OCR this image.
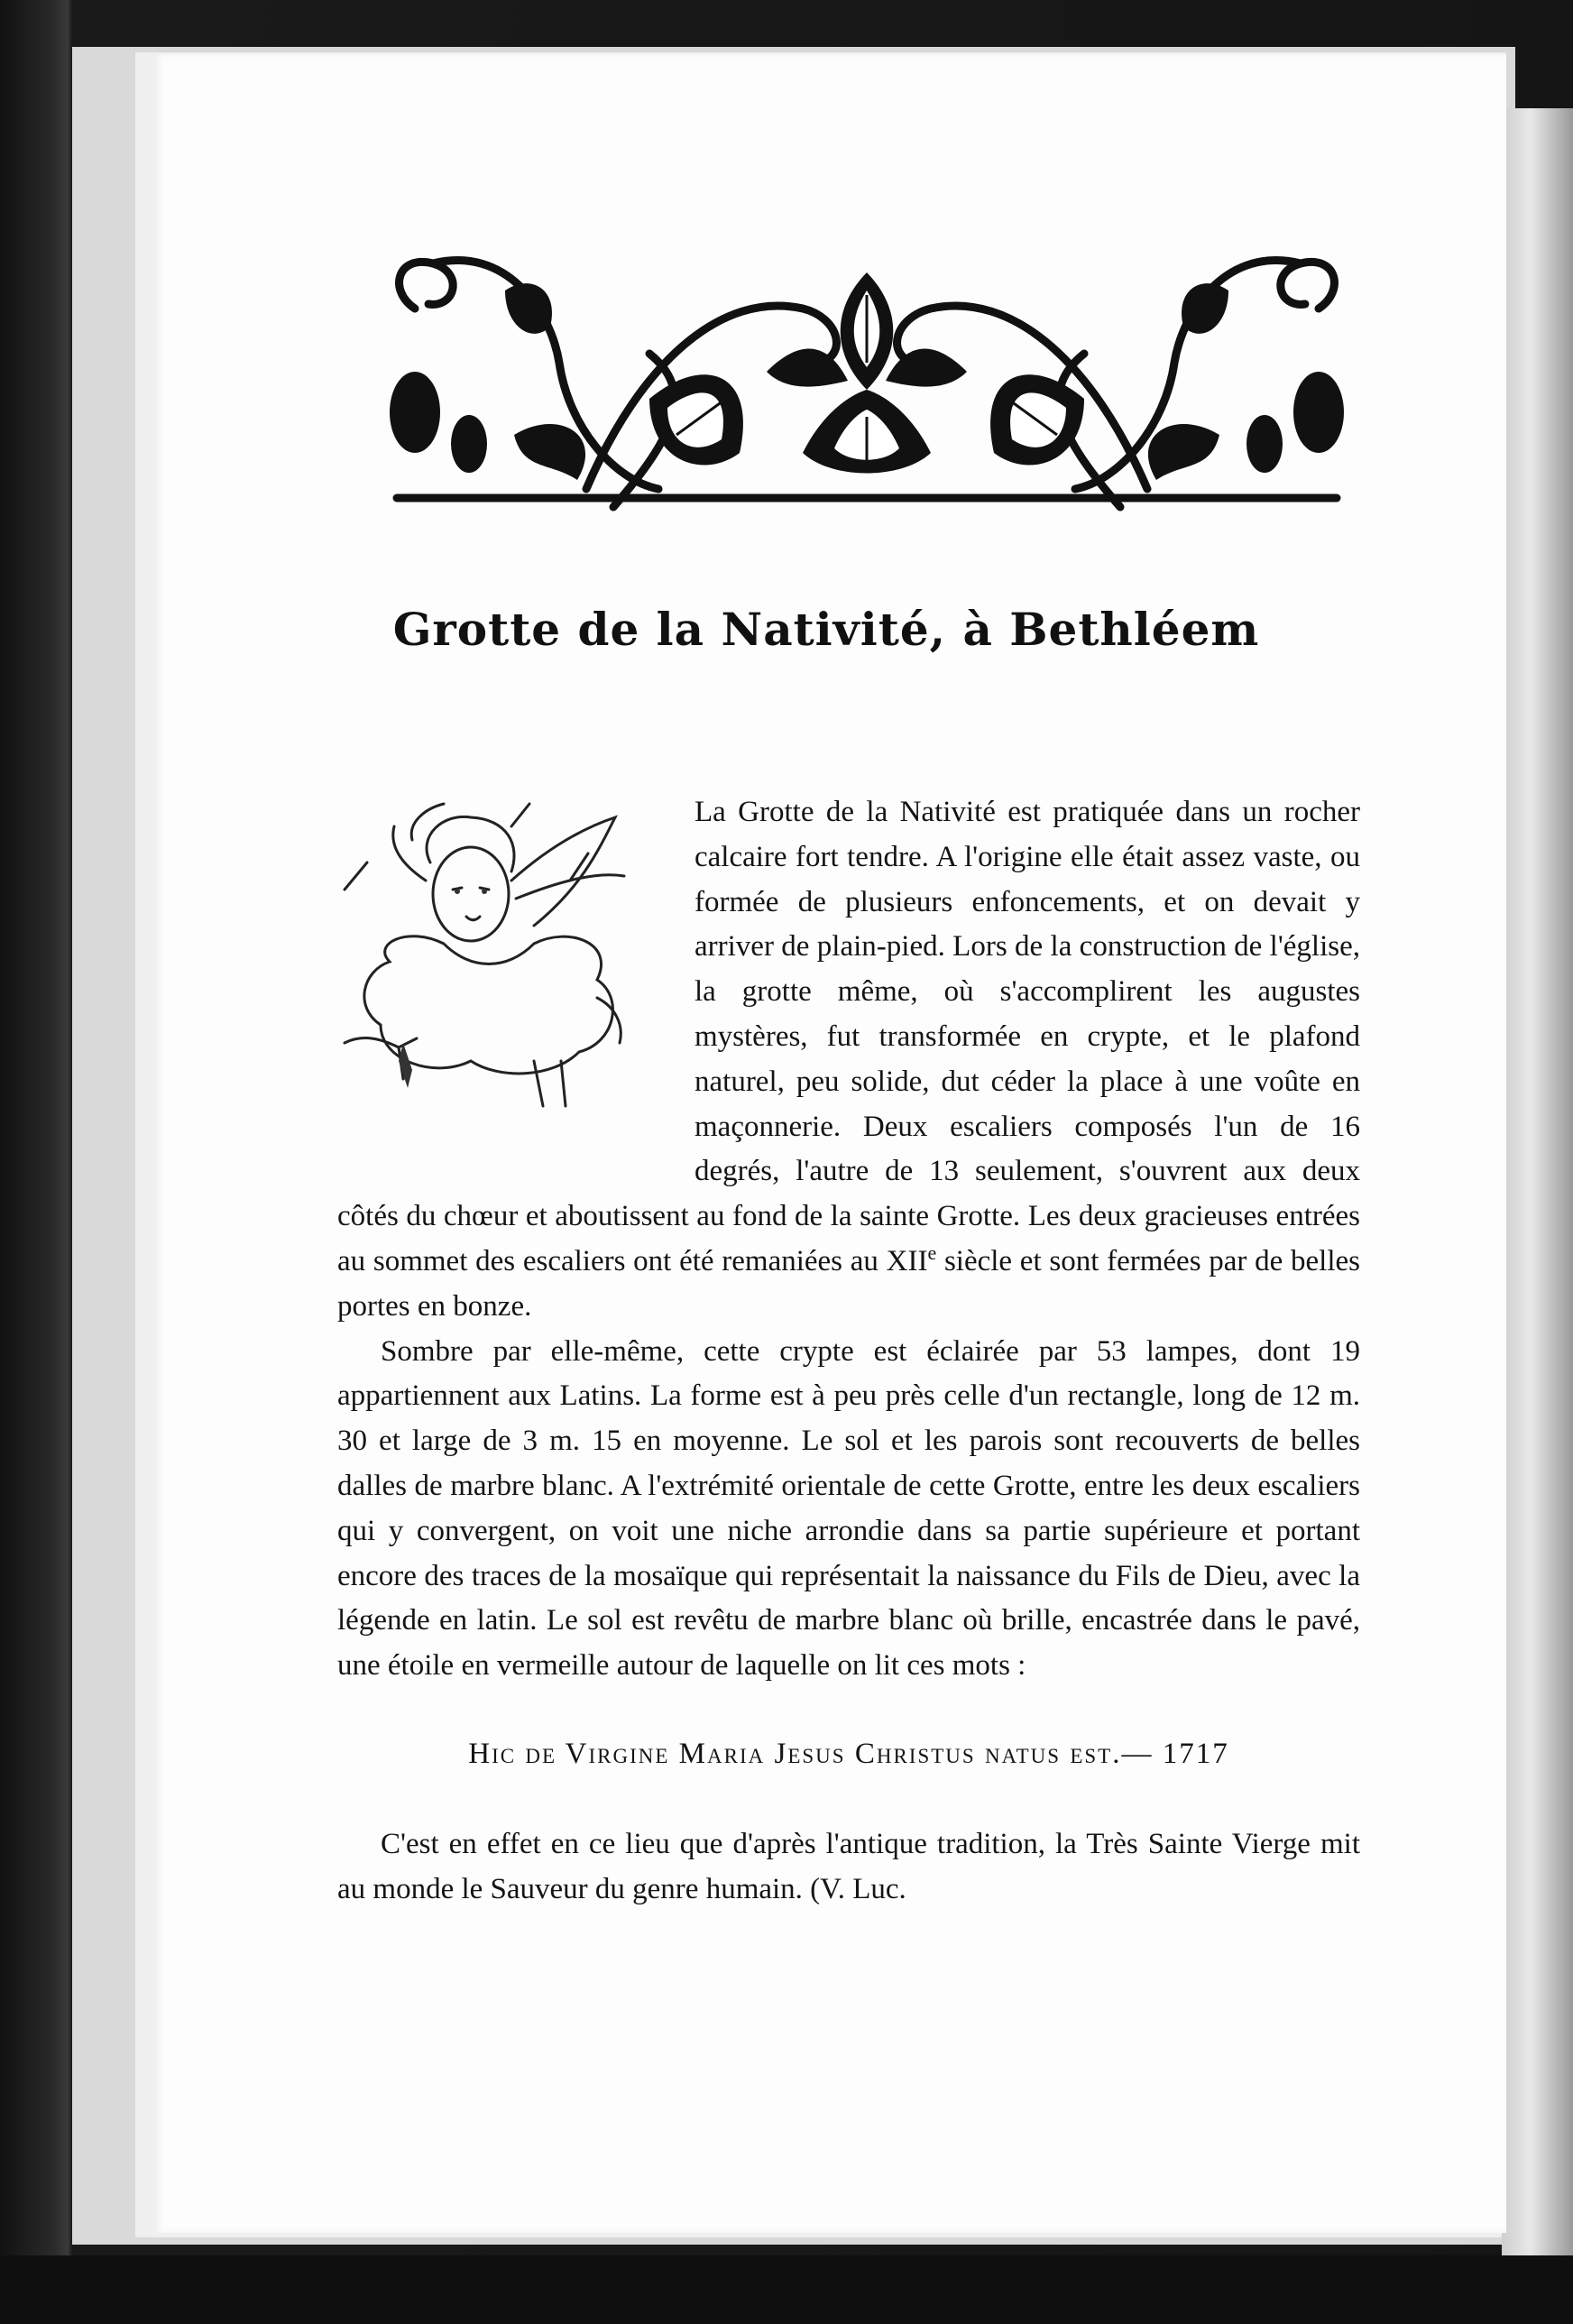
Grotte de la Nativité, à Bethléem

La Grotte de la Nativité est pratiquée dans un rocher calcaire fort tendre. A l'origine elle était assez vaste, ou formée de plusieurs enfoncements, et on devait y arriver de plain-pied. Lors de la construction de l'église, la grotte même, où s'accomplirent les augustes mystères, fut transformée en crypte, et le plafond naturel, peu solide, dut céder la place à une voûte en maçonnerie. Deux escaliers composés l'un de 16 degrés, l'autre de 13 seulement, s'ouvrent aux deux côtés du chœur et aboutissent au fond de la sainte Grotte. Les deux gracieuses entrées au sommet des escaliers ont été remaniées au XIIe siècle et sont fermées par de belles portes en bonze.

Sombre par elle-même, cette crypte est éclairée par 53 lampes, dont 19 appartiennent aux Latins. La forme est à peu près celle d'un rectangle, long de 12 m. 30 et large de 3 m. 15 en moyenne. Le sol et les parois sont recouverts de belles dalles de marbre blanc. A l'extrémité orientale de cette Grotte, entre les deux escaliers qui y convergent, on voit une niche arrondie dans sa partie supérieure et portant encore des traces de la mosaïque qui représentait la naissance du Fils de Dieu, avec la légende en latin. Le sol est revêtu de marbre blanc où brille, encastrée dans le pavé, une étoile en vermeille autour de laquelle on lit ces mots :

Hic de Virgine Maria Jesus Christus natus est.— 1717

C'est en effet en ce lieu que d'après l'antique tradition, la Très Sainte Vierge mit au monde le Sauveur du genre humain. (V. Luc.
